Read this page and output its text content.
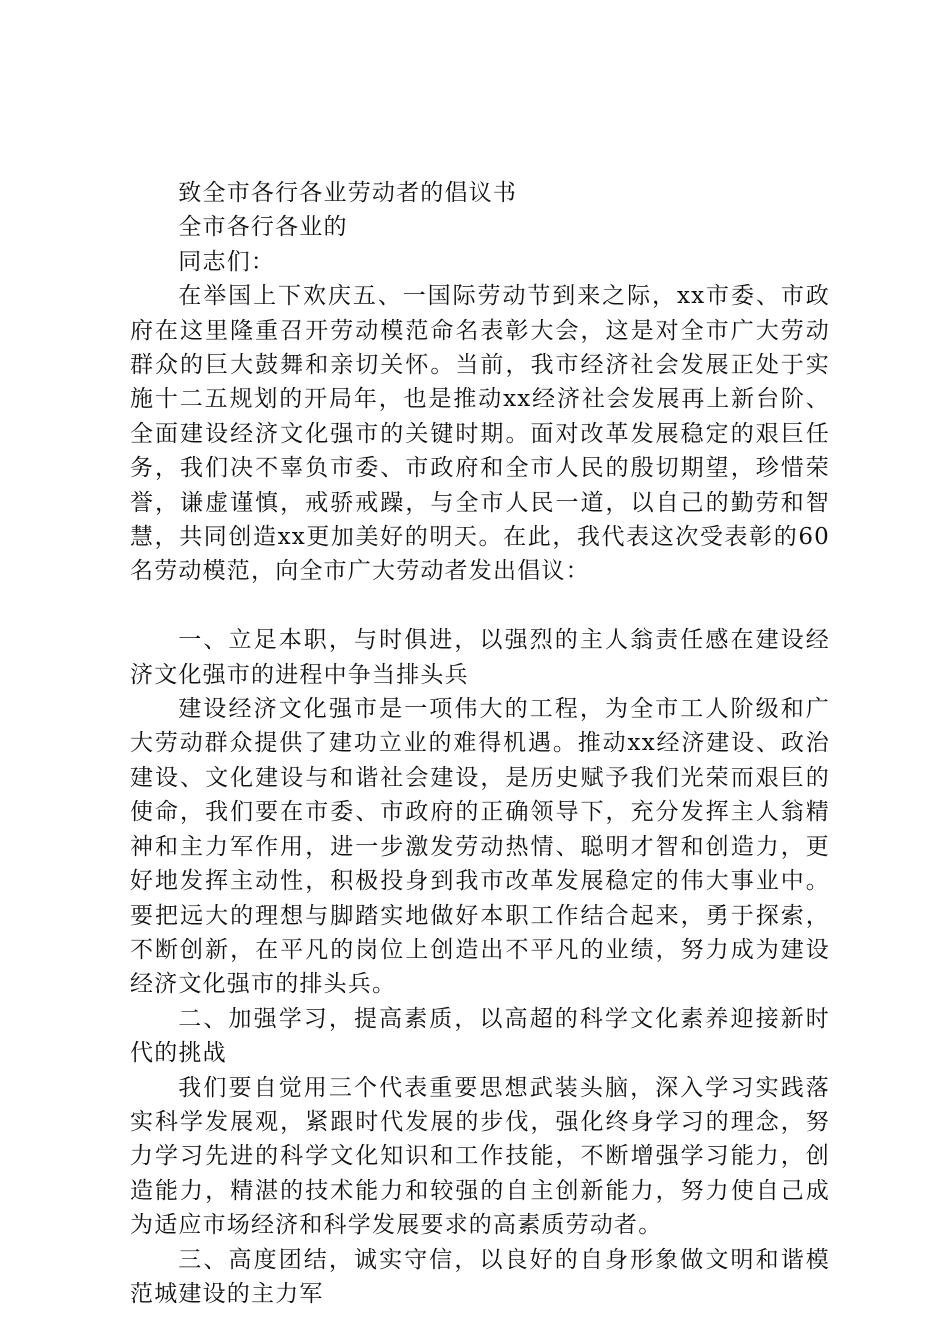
致全市各行各业劳动者的倡议书

全市各行各业的

同志们：

在举国上下欢庆五、一国际劳动节到来之际，xx市委、市政府在这里隆重召开劳动模范命名表彰大会，这是对全市广大劳动群众的巨大鼓舞和亲切关怀。当前，我市经济社会发展正处于实施十二五规划的开局年，也是推动xx经济社会发展再上新台阶、全面建设经济文化强市的关键时期。面对改革发展稳定的艰巨任务，我们决不辜负市委、市政府和全市人民的殷切期望，珍惜荣誉，谦虚谨慎，戒骄戒躁，与全市人民一道，以自己的勤劳和智慧，共同创造xx更加美好的明天。在此，我代表这次受表彰的60名劳动模范，向全市广大劳动者发出倡议：

一、立足本职，与时俱进，以强烈的主人翁责任感在建设经济文化强市的进程中争当排头兵

建设经济文化强市是一项伟大的工程，为全市工人阶级和广大劳动群众提供了建功立业的难得机遇。推动xx经济建设、政治建设、文化建设与和谐社会建设，是历史赋予我们光荣而艰巨的使命，我们要在市委、市政府的正确领导下，充分发挥主人翁精神和主力军作用，进一步激发劳动热情、聪明才智和创造力，更好地发挥主动性，积极投身到我市改革发展稳定的伟大事业中。要把远大的理想与脚踏实地做好本职工作结合起来，勇于探索，不断创新，在平凡的岗位上创造出不平凡的业绩，努力成为建设经济文化强市的排头兵。

二、加强学习，提高素质，以高超的科学文化素养迎接新时代的挑战

我们要自觉用三个代表重要思想武装头脑，深入学习实践落实科学发展观，紧跟时代发展的步伐，强化终身学习的理念，努力学习先进的科学文化知识和工作技能，不断增强学习能力，创造能力，精湛的技术能力和较强的自主创新能力，努力使自己成为适应市场经济和科学发展要求的高素质劳动者。

三、高度团结，诚实守信，以良好的自身形象做文明和谐模范城建设的主力军
